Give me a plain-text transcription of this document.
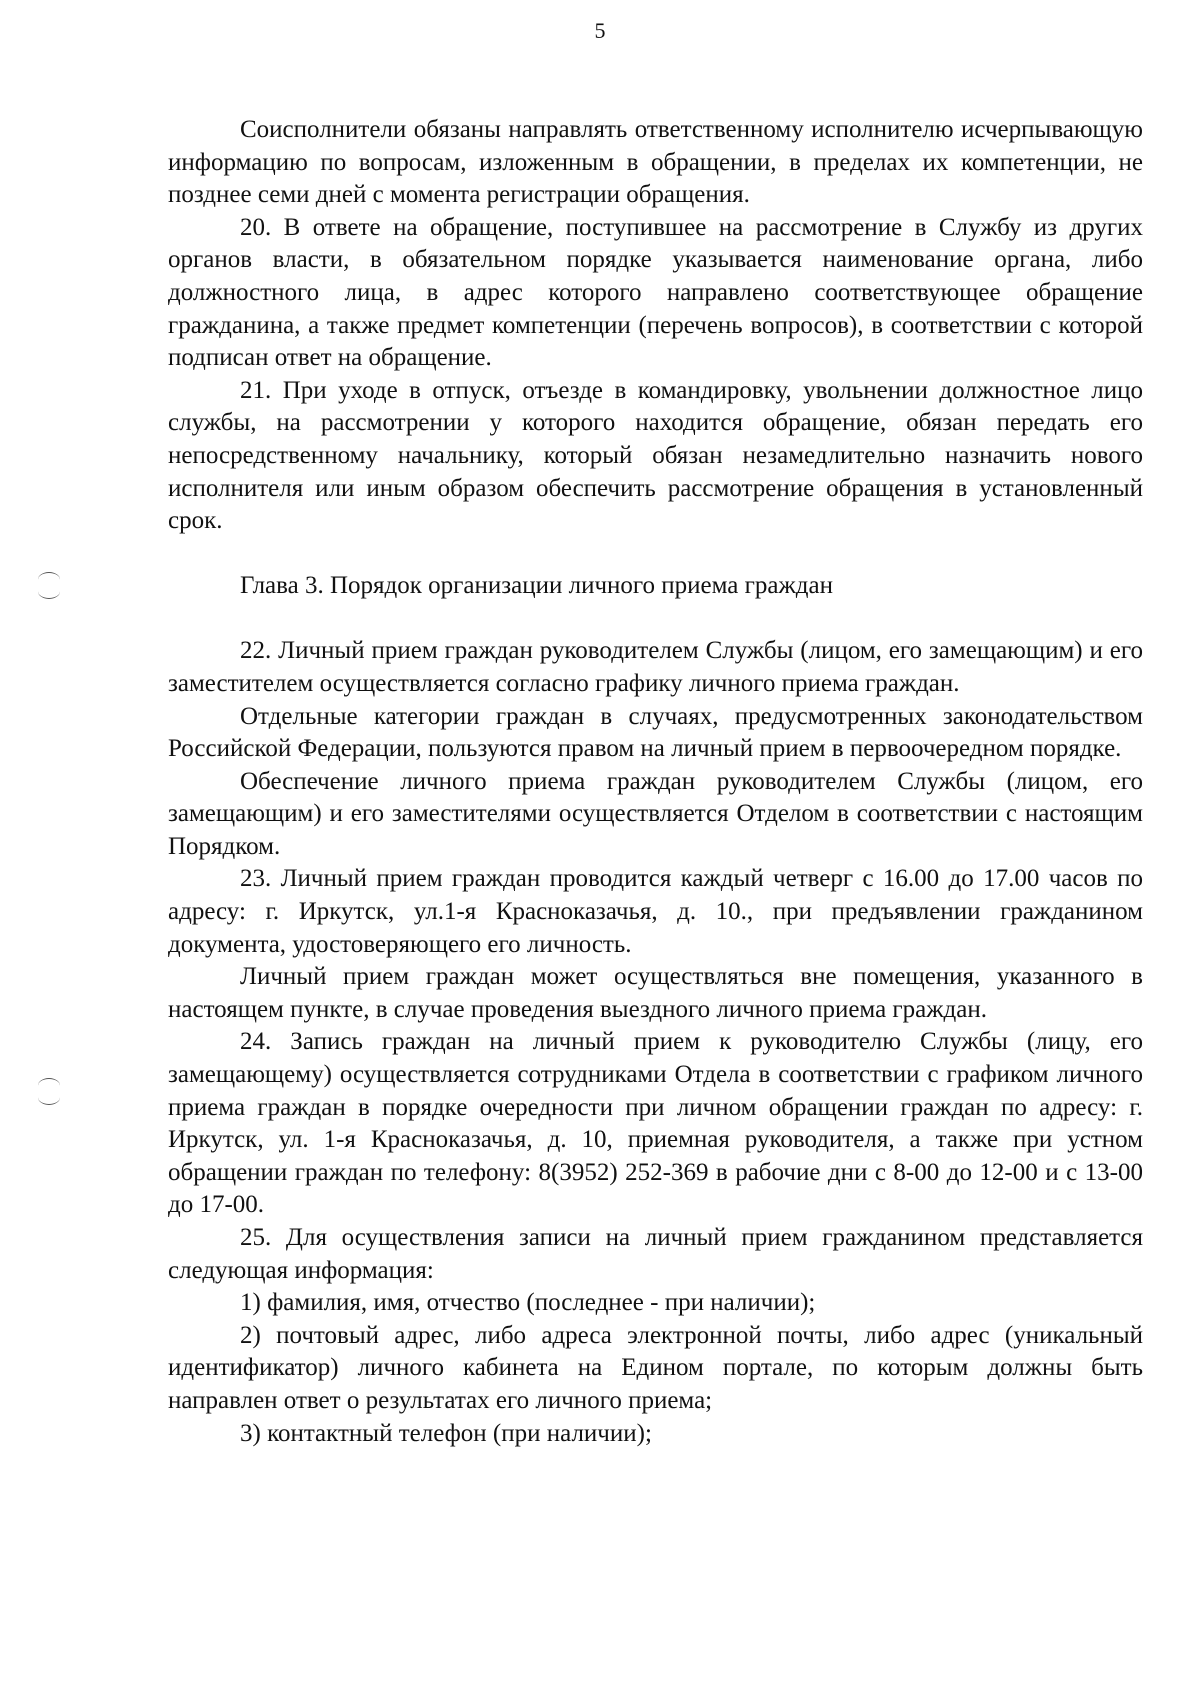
5

Соисполнители обязаны направлять ответственному исполнителю исчерпывающую информацию по вопросам, изложенным в обращении, в пределах их компетенции, не позднее семи дней с момента регистрации обращения.

20. В ответе на обращение, поступившее на рассмотрение в Службу из других органов власти, в обязательном порядке указывается наименование органа, либо должностного лица, в адрес которого направлено соответствующее обращение гражданина, а также предмет компетенции (перечень вопросов), в соответствии с которой подписан ответ на обращение.

21. При уходе в отпуск, отъезде в командировку, увольнении должностное лицо службы, на рассмотрении у которого находится обращение, обязан передать его непосредственному начальнику, который обязан незамедлительно назначить нового исполнителя или иным образом обеспечить рассмотрение обращения в установленный срок.

Глава 3. Порядок организации личного приема граждан

22. Личный прием граждан руководителем Службы (лицом, его замещающим) и его заместителем осуществляется согласно графику личного приема граждан.

Отдельные категории граждан в случаях, предусмотренных законодательством Российской Федерации, пользуются правом на личный прием в первоочередном порядке.

Обеспечение личного приема граждан руководителем Службы (лицом, его замещающим) и его заместителями осуществляется Отделом в соответствии с настоящим Порядком.

23. Личный прием граждан проводится каждый четверг с 16.00 до 17.00 часов по адресу: г. Иркутск, ул.1-я Красноказачья, д. 10., при предъявлении гражданином документа, удостоверяющего его личность.

Личный прием граждан может осуществляться вне помещения, указанного в настоящем пункте, в случае проведения выездного личного приема граждан.

24. Запись граждан на личный прием к руководителю Службы (лицу, его замещающему) осуществляется сотрудниками Отдела в соответствии с графиком личного приема граждан в порядке очередности при личном обращении граждан по адресу: г. Иркутск, ул. 1-я Красноказачья, д. 10, приемная руководителя, а также при устном обращении граждан по телефону: 8(3952) 252-369 в рабочие дни с 8-00 до 12-00 и с 13-00 до 17-00.

25. Для осуществления записи на личный прием гражданином представляется следующая информация:

1) фамилия, имя, отчество (последнее - при наличии);

2) почтовый адрес, либо адреса электронной почты, либо адрес (уникальный идентификатор) личного кабинета на Едином портале, по которым должны быть направлен ответ о результатах его личного приема;

3) контактный телефон (при наличии);
